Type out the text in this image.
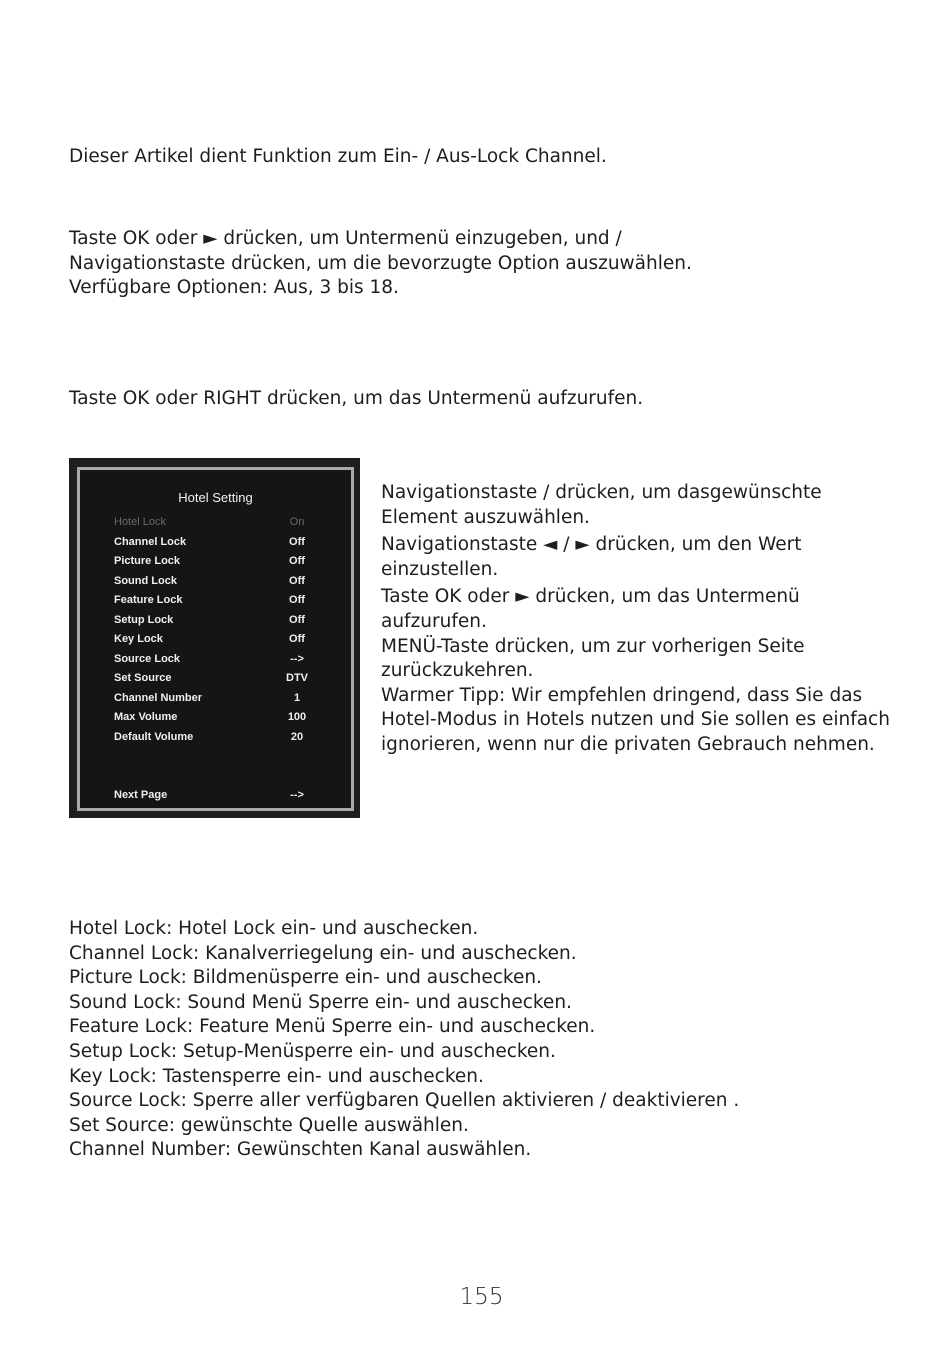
Dieser Artikel dient Funktion zum Ein- / Aus-Lock Channel.

Taste OK oder ► drücken, um Untermenü einzugeben, und /

Navigationstaste drücken, um die bevorzugte Option auszuwählen.

Verfügbare Optionen: Aus, 3 bis 18.

Taste OK oder RIGHT drücken, um das Untermenü aufzurufen.

Hotel Setting
Hotel Lock	On
Channel Lock	Off
Picture Lock	Off
Sound Lock	Off
Feature Lock	Off
Setup Lock	Off
Key Lock	Off
Source Lock	-->
Set Source	DTV
Channel Number	1
Max Volume	100
Default Volume	20
Next Page	-->

Navigationstaste / drücken, um dasgewünschte

Element auszuwählen.

Navigationstaste ◄ / ► drücken, um den Wert

einzustellen.

Taste OK oder ► drücken, um das Untermenü

aufzurufen.

MENÜ-Taste drücken, um zur vorherigen Seite

zurückzukehren.

Warmer Tipp: Wir empfehlen dringend, dass Sie das

Hotel-Modus in Hotels nutzen und Sie sollen es einfach

ignorieren, wenn nur die privaten Gebrauch nehmen.

Hotel Lock: Hotel Lock ein- und auschecken.

Channel Lock: Kanalverriegelung ein- und auschecken.

Picture Lock: Bildmenüsperre ein- und auschecken.

Sound Lock: Sound Menü Sperre ein- und auschecken.

Feature Lock: Feature Menü Sperre ein- und auschecken.

Setup Lock: Setup-Menüsperre ein- und auschecken.

Key Lock: Tastensperre ein- und auschecken.

Source Lock: Sperre aller verfügbaren Quellen aktivieren / deaktivieren .

Set Source: gewünschte Quelle auswählen.

Channel Number: Gewünschten Kanal auswählen.

155
